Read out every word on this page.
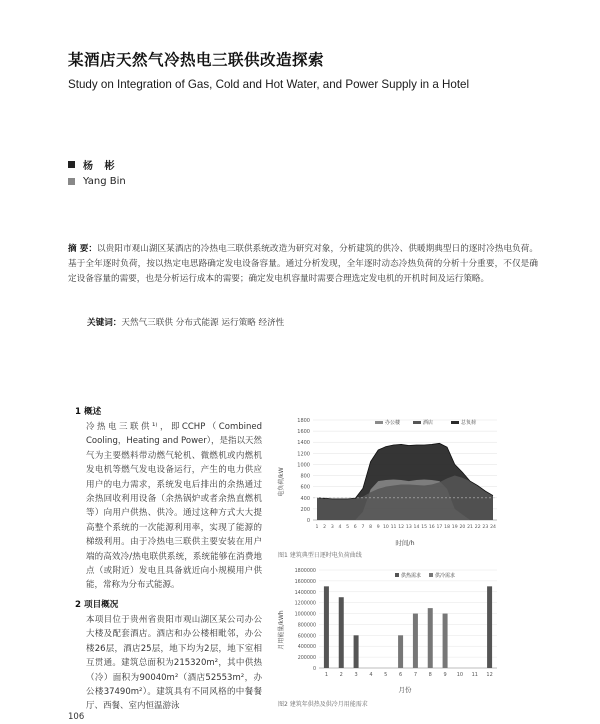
某酒店天然气冷热电三联供改造探索
Study on Integration of Gas, Cold and Hot Water, and Power Supply in a Hotel
杨 彬
Yang Bin
摘 要：以贵阳市观山湖区某酒店的冷热电三联供系统改造为研究对象，分析建筑的供冷、供暖期典型日的逐时冷热电负荷。基于全年逐时负荷，按以热定电思路确定发电设备容量。通过分析发现，全年逐时动态冷热负荷的分析十分重要，不仅是确定设备容量的需要，也是分析运行成本的需要；确定发电机容量时需要合理选定发电机的开机时间及运行策略。
关键词：天然气三联供 分布式能源 运行策略 经济性
1 概述
冷热电三联供¹⁾，即CCHP（Combined Cooling，Heating and Power），是指以天然气为主要燃料带动燃气轮机、微燃机或内燃机发电机等燃气发电设备运行，产生的电力供应用户的电力需求，系统发电后排出的余热通过余热回收利用设备（余热锅炉或者余热直燃机等）向用户供热、供冷。通过这种方式大大提高整个系统的一次能源利用率，实现了能源的梯级利用。由于冷热电三联供主要安装在用户端的高效冷/热电联供系统，系统能够在消费地点（或附近）发电且具备就近向小规模用户供能，常称为分布式能源。
2 项目概况
本项目位于贵州省贵阳市观山湖区某公司办公大楼及配套酒店。酒店和办公楼相毗邻，办公楼26层，酒店25层，地下均为2层，地下室相互贯通。建筑总面积为215320m²，其中供热（冷）面积为90040m²（酒店52553m²，办公楼37490m²）。建筑具有不同风格的中餐餐厅、西餐、室内恒温游泳
106
0
200
400
600
800
1000
1200
1400
1600
1800
1 2 3 4 5 6 7 8 9 10 11 12 13 14 15 16 17 18 19 20 21 22 23 24
办公楼	酒店	总负荷
时间/h
电负荷/kW
图1 建筑典型日逐时电负荷曲线
0
200000
400000
600000
800000
1000000
1200000
1400000
1600000
1800000
1 2 3 4 5 6 7 8 9 10 11 12
供热需求	供冷需求
月份
月用能量/kWh
图2 建筑年供热及供冷月用能需求
